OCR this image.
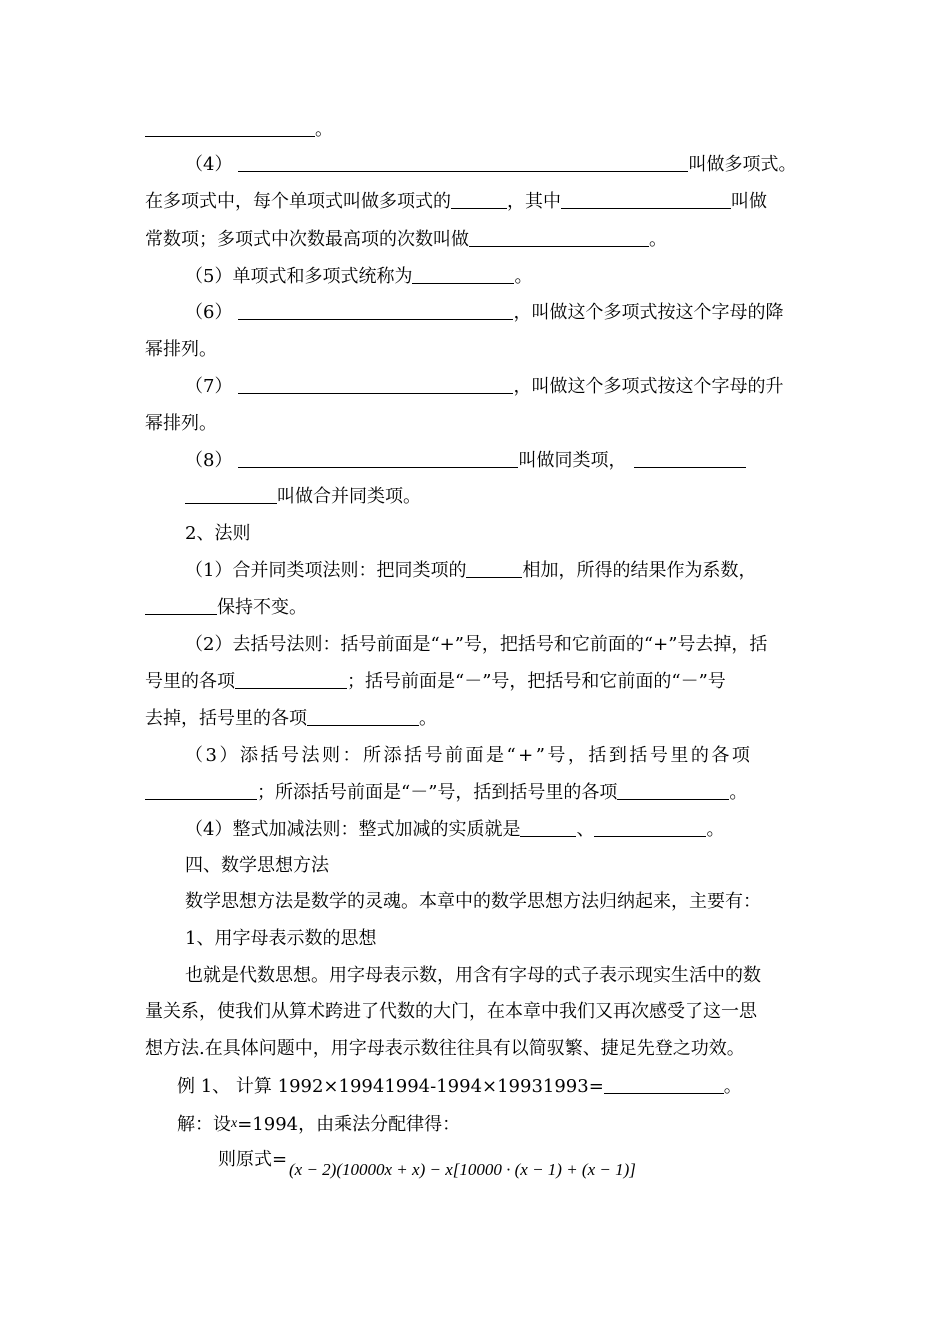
。
（4）	叫做多项式。
在多项式中，每个单项式叫做多项式的	，其中	叫做
常数项；多项式中次数最高项的次数叫做	。
（5）单项式和多项式统称为	。
（6）	，叫做这个多项式按这个字母的降
幂排列。
（7）	，叫做这个多项式按这个字母的升
幂排列。
（8）	叫做同类项，
叫做合并同类项。
2、法则
（1）合并同类项法则：把同类项的	相加，所得的结果作为系数，
保持不变。
（2）去括号法则：括号前面是“+”号，把括号和它前面的“+”号去掉，括
号里的各项	；括号前面是“－”号，把括号和它前面的“－”号
去掉，括号里的各项	。
（3）添括号法则：所添括号前面是“+”号，括到括号里的各项
；所添括号前面是“－”号，括到括号里的各项	。
（4）整式加减法则：整式加减的实质就是	、	。
四、数学思想方法
数学思想方法是数学的灵魂。本章中的数学思想方法归纳起来，主要有：
1、用字母表示数的思想
也就是代数思想。用字母表示数，用含有字母的式子表示现实生活中的数
量关系，使我们从算术跨进了代数的大门，在本章中我们又再次感受了这一思
想方法.在具体问题中，用字母表示数往往具有以简驭繁、捷足先登之功效。
例 1、 计算 1992×19941994-1994×19931993=	。
解：设x=1994，由乘法分配律得：
则原式= (x − 2)(10000x + x) − x[10000 · (x − 1) + (x − 1)]
